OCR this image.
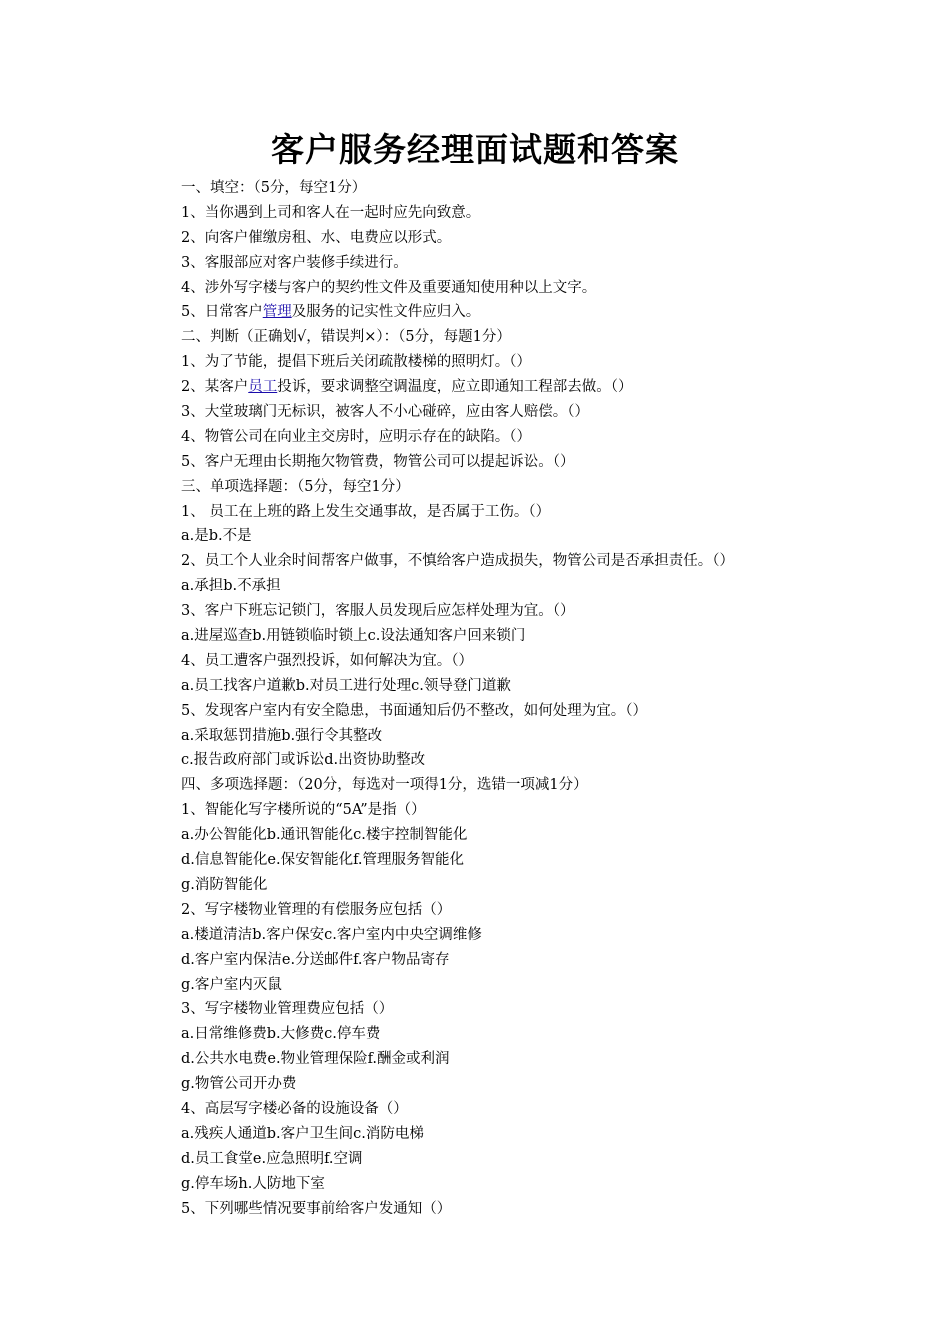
客户服务经理面试题和答案
一、填空：（5分，每空1分）
1、当你遇到上司和客人在一起时应先向致意。
2、向客户催缴房租、水、电费应以形式。
3、客服部应对客户装修手续进行。
4、涉外写字楼与客户的契约性文件及重要通知使用种以上文字。
5、日常客户管理及服务的记实性文件应归入。
二、判断（正确划√，错误判×）：（5分，每题1分）
1、为了节能，提倡下班后关闭疏散楼梯的照明灯。（）
2、某客户员工投诉，要求调整空调温度，应立即通知工程部去做。（）
3、大堂玻璃门无标识，被客人不小心碰碎，应由客人赔偿。（）
4、物管公司在向业主交房时，应明示存在的缺陷。（）
5、客户无理由长期拖欠物管费，物管公司可以提起诉讼。（）
三、单项选择题：（5分，每空1分）
1、 员工在上班的路上发生交通事故，是否属于工伤。（）
a.是b.不是
2、员工个人业余时间帮客户做事，不慎给客户造成损失，物管公司是否承担责任。（）
a.承担b.不承担
3、客户下班忘记锁门，客服人员发现后应怎样处理为宜。（）
a.进屋巡查b.用链锁临时锁上c.设法通知客户回来锁门
4、员工遭客户强烈投诉，如何解决为宜。（）
a.员工找客户道歉b.对员工进行处理c.领导登门道歉
5、发现客户室内有安全隐患，书面通知后仍不整改，如何处理为宜。（）
a.采取惩罚措施b.强行令其整改
c.报告政府部门或诉讼d.出资协助整改
四、多项选择题：（20分，每选对一项得1分，选错一项减1分）
1、智能化写字楼所说的“5A”是指（）
a.办公智能化b.通讯智能化c.楼宇控制智能化
d.信息智能化e.保安智能化f.管理服务智能化
g.消防智能化
2、写字楼物业管理的有偿服务应包括（）
a.楼道清洁b.客户保安c.客户室内中央空调维修
d.客户室内保洁e.分送邮件f.客户物品寄存
g.客户室内灭鼠
3、写字楼物业管理费应包括（）
a.日常维修费b.大修费c.停车费
d.公共水电费e.物业管理保险f.酬金或利润
g.物管公司开办费
4、高层写字楼必备的设施设备（）
a.残疾人通道b.客户卫生间c.消防电梯
d.员工食堂e.应急照明f.空调
g.停车场h.人防地下室
5、下列哪些情况要事前给客户发通知（）
